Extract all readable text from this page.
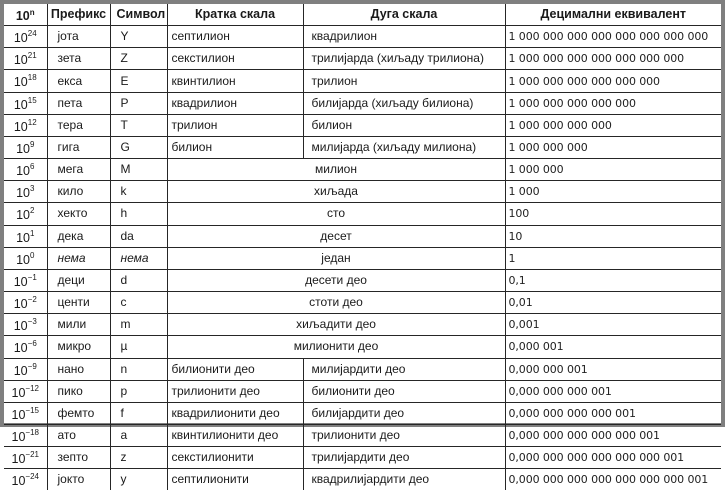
10$^n$	Префикс	Символ	Кратка скала	Дуга скала	Децимални еквивалент
$10^{24}$	јота	Y	септилион	квадрилион	1 000 000 000 000 000 000 000 000
$10^{21}$	зета	Z	секстилион	трилијарда (хиљаду трилиона)	1 000 000 000 000 000 000 000
$10^{18}$	екса	E	квинтилион	трилион	1 000 000 000 000 000 000
$10^{15}$	пета	P	квадрилион	билијарда (хиљаду билиона)	1 000 000 000 000 000
$10^{12}$	тера	T	трилион	билион	1 000 000 000 000
$10^9$	гига	G	билион	милијарда (хиљаду милиона)	1 000 000 000
$10^6$	мега	M	милион		1 000 000
$10^3$	кило	k	хиљада		1 000
$10^2$	хекто	h	сто		100
$10^1$	дека	da	десет		10
$10^0$	нема	нема	један		1
$10^{-1}$	деци	d	десети део		0,1
$10^{-2}$	центи	c	стоти део		0,01
$10^{-3}$	мили	m	хиљадити део		0,001
$10^{-6}$	микро	µ	милионити део		0,000 001
$10^{-9}$	нано	n	билионити део	милијардити део	0,000 000 001
$10^{-12}$	пико	p	трилионити део	билионити део	0,000 000 000 001
$10^{-15}$	фемто	f	квадрилионити део	билијардити део	0,000 000 000 000 001
$10^{-18}$	ато	a	квинтилионити део	трилионити део	0,000 000 000 000 000 001
$10^{-21}$	зепто	z	секстилионити	трилијардити део	0,000 000 000 000 000 000 001
$10^{-24}$	јокто	y	септилионити	квадрилијардити део	0,000 000 000 000 000 000 000 001
